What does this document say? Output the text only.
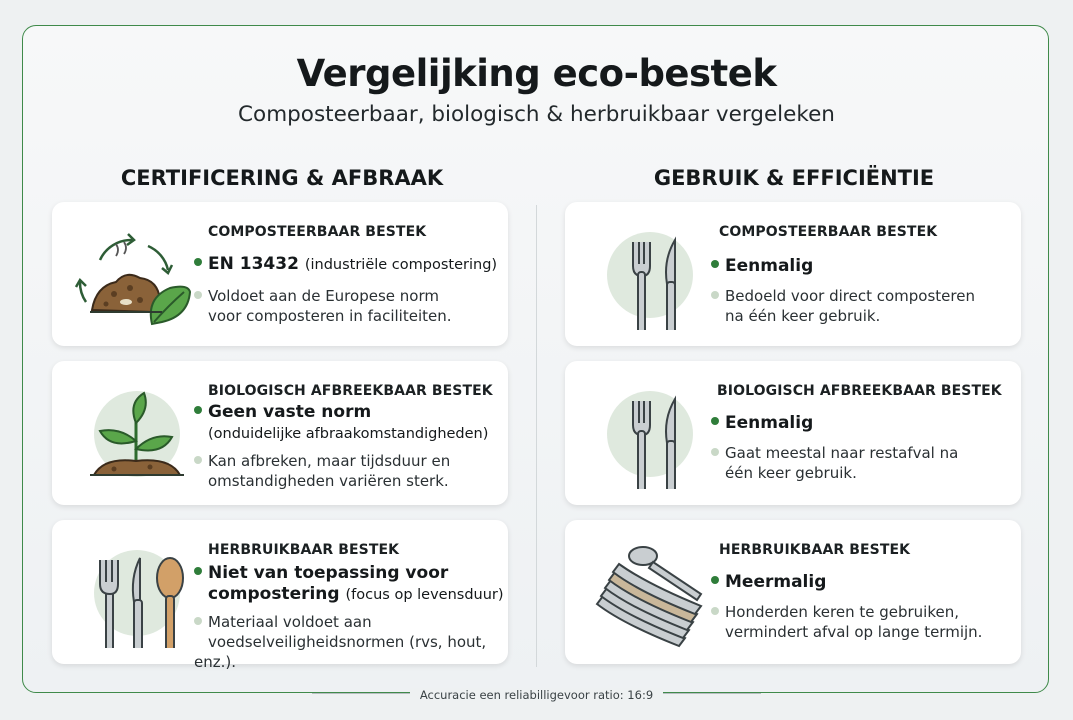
Vergelijking eco-bestek
Composteerbaar, biologisch & herbruikbaar vergeleken
CERTIFICERING & AFBRAAK	GEBRUIK & EFFICIËNTIE
COMPOSTEERBAAR BESTEK
EN 13432 (industriële compostering)
Voldoet aan de Europese norm
voor composteren in faciliteiten.
BIOLOGISCH AFBREEKBAAR BESTEK
Geen vaste norm
(onduidelijke afbraakomstandigheden)
Kan afbreken, maar tijdsduur en
omstandigheden variëren sterk.
HERBRUIKBAAR BESTEK
Niet van toepassing voor
compostering (focus op levensduur)
Materiaal voldoet aan
voedselveiligheidsnormen (rvs, hout, enz.).
COMPOSTEERBAAR BESTEK
Eenmalig
Bedoeld voor direct composteren
na één keer gebruik.
BIOLOGISCH AFBREEKBAAR BESTEK
Eenmalig
Gaat meestal naar restafval na
één keer gebruik.
HERBRUIKBAAR BESTEK
Meermalig
Honderden keren te gebruiken,
vermindert afval op lange termijn.
Accuracie een reliabilligevoor ratio: 16:9
